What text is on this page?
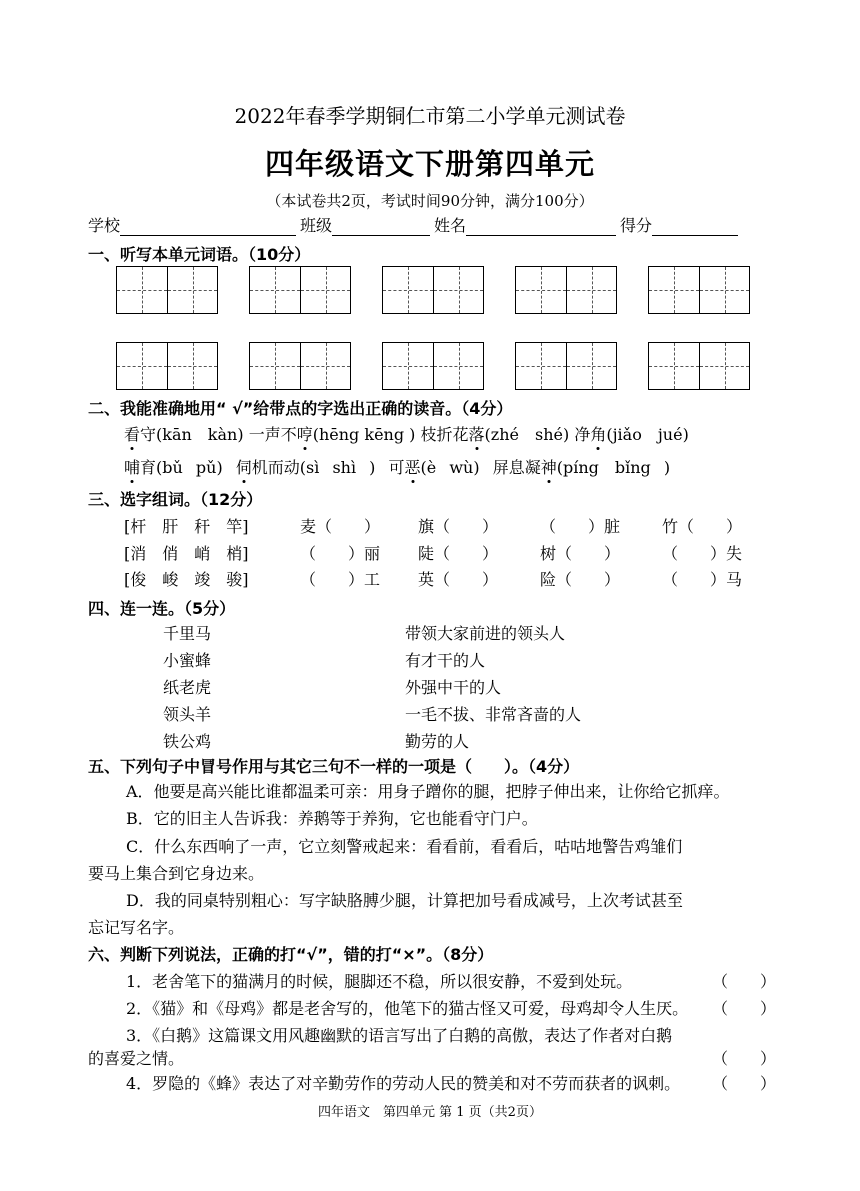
2022年春季学期铜仁市第二小学单元测试卷
四年级语文下册第四单元
（本试卷共2页，考试时间90分钟，满分100分）
学校	班级	姓名	得分
一、听写本单元词语。（10分）
二、我能准确地用“ √”给带点的字选出正确的读音。（4分）
看守(kān　kàn) 一声不哼(hēng kēng ) 枝折花落(zhé　shé) 净角(jiǎo　jué)
哺育(bǔ pǔ) 伺机而动(sì shì ) 可恶(è wù) 屏息凝神(píng　bǐng )
三、选字组词。（12分）
[杆　肝　秆　竿]	麦（　　） 旗（　　）	（　　）脏	竹（　　）
[消　俏　峭　梢]	（　　）丽 陡（　　）	树（　　）	（　　）失
[俊　峻　竣　骏]	（　　）工 英（　　）	险（　　）	（　　）马
四、连一连。（5分）
千里马	带领大家前进的领头人
小蜜蜂	有才干的人
纸老虎	外强中干的人
领头羊	一毛不拔、非常吝啬的人
铁公鸡	勤劳的人
五、下列句子中冒号作用与其它三句不一样的一项是（　　）。（4分）
A．他要是高兴能比谁都温柔可亲：用身子蹭你的腿，把脖子伸出来，让你给它抓痒。
B．它的旧主人告诉我：养鹅等于养狗，它也能看守门户。
C．什么东西响了一声，它立刻警戒起来：看看前，看看后，咕咕地警告鸡雏们
要马上集合到它身边来。
D．我的同桌特别粗心：写字缺胳膊少腿，计算把加号看成减号，上次考试甚至
忘记写名字。
六、判断下列说法，正确的打“√”，错的打“×”。（8分）
1．老舍笔下的猫满月的时候，腿脚还不稳，所以很安静，不爱到处玩。	（　　）
2．《猫》和《母鸡》都是老舍写的，他笔下的猫古怪又可爱，母鸡却令人生厌。 （　　）
3．《白鹅》这篇课文用风趣幽默的语言写出了白鹅的高傲，表达了作者对白鹅
的喜爱之情。	（　　）
4．罗隐的《蜂》表达了对辛勤劳作的劳动人民的赞美和对不劳而获者的讽刺。 （　　）
四年语文　第四单元 第 1 页（共2页）
